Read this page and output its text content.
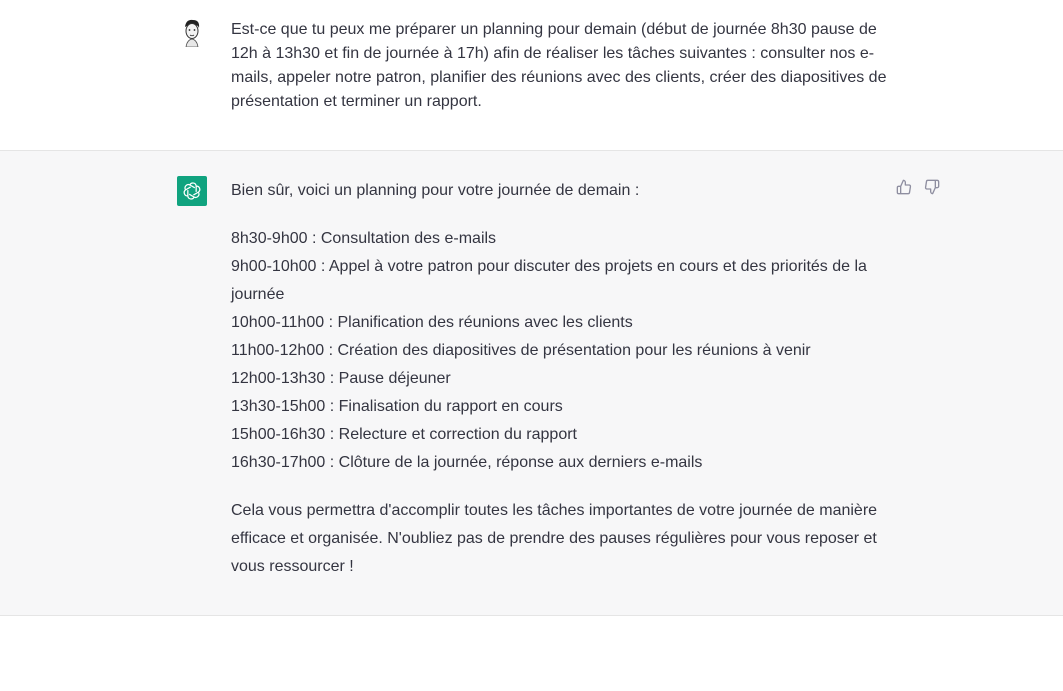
Est-ce que tu peux me préparer un planning pour demain (début de journée 8h30 pause de 12h à 13h30 et fin de journée à 17h) afin de réaliser les tâches suivantes : consulter nos e-mails, appeler notre patron, planifier des réunions avec des clients, créer des diapositives de présentation et terminer un rapport.

Bien sûr, voici un planning pour votre journée de demain :

8h30-9h00 : Consultation des e-mails
9h00-10h00 : Appel à votre patron pour discuter des projets en cours et des priorités de la journée
10h00-11h00 : Planification des réunions avec les clients
11h00-12h00 : Création des diapositives de présentation pour les réunions à venir
12h00-13h30 : Pause déjeuner
13h30-15h00 : Finalisation du rapport en cours
15h00-16h30 : Relecture et correction du rapport
16h30-17h00 : Clôture de la journée, réponse aux derniers e-mails

Cela vous permettra d'accomplir toutes les tâches importantes de votre journée de manière efficace et organisée. N'oubliez pas de prendre des pauses régulières pour vous reposer et vous ressourcer !
